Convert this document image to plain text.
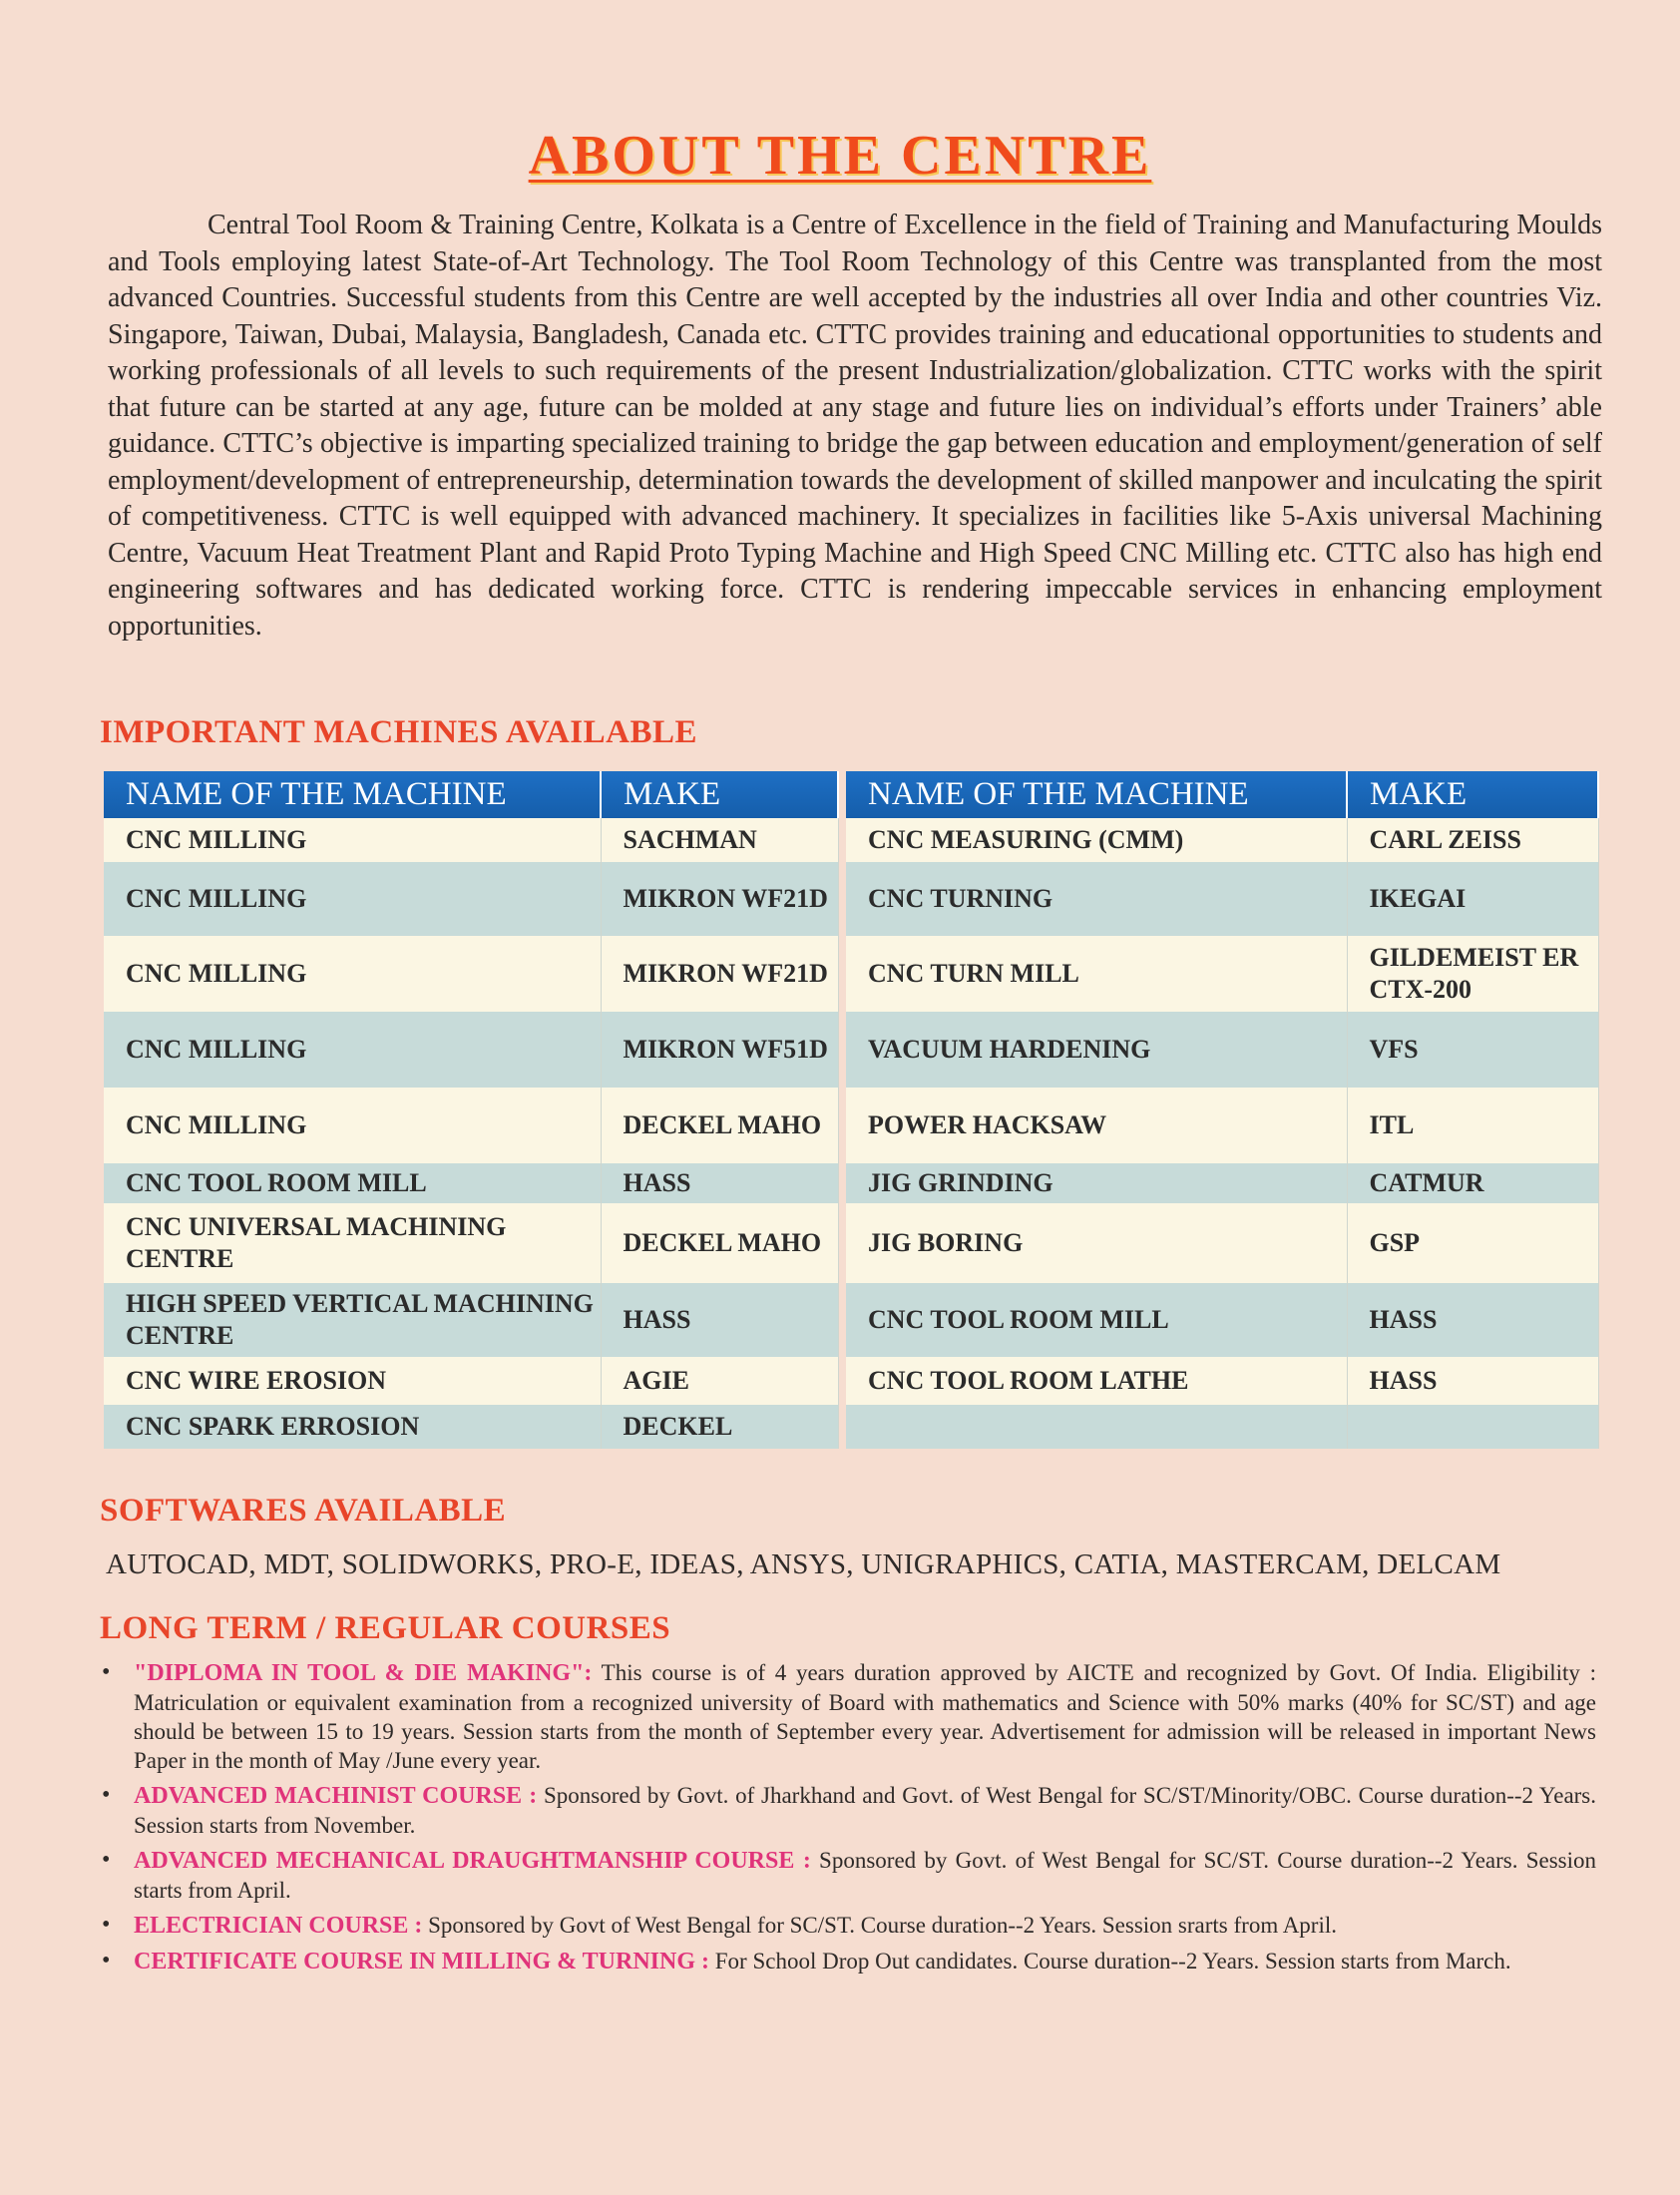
ABOUT THE CENTRE

Central Tool Room & Training Centre, Kolkata is a Centre of Excellence in the field of Training and Manufacturing Moulds and Tools employing latest State-of-Art Technology. The Tool Room Technology of this Centre was transplanted from the most advanced Countries. Successful students from this Centre are well accepted by the industries all over India and other countries Viz. Singapore, Taiwan, Dubai, Malaysia, Bangladesh, Canada etc. CTTC provides training and educational opportunities to students and working professionals of all levels to such requirements of the present Industrialization/globalization. CTTC works with the spirit that future can be started at any age, future can be molded at any stage and future lies on individual’s efforts under Trainers’ able guidance. CTTC’s objective is imparting specialized training to bridge the gap between education and employment/generation of self employment/development of entrepreneurship, determination towards the development of skilled manpower and inculcating the spirit of competitiveness. CTTC is well equipped with advanced machinery. It specializes in facilities like 5-Axis universal Machining Centre, Vacuum Heat Treatment Plant and Rapid Proto Typing Machine and High Speed CNC Milling etc. CTTC also has high end engineering softwares and has dedicated working force. CTTC is rendering impeccable services in enhancing employment opportunities.

IMPORTANT MACHINES AVAILABLE
NAME OF THE MACHINE	MAKE		NAME OF THE MACHINE	MAKE
CNC MILLING	SACHMAN		CNC MEASURING (CMM)	CARL ZEISS
CNC MILLING	MIKRON WF21D		CNC TURNING	IKEGAI
CNC MILLING	MIKRON WF21D		CNC TURN MILL	GILDEMEIST ER CTX-200
CNC MILLING	MIKRON WF51D		VACUUM HARDENING	VFS
CNC MILLING	DECKEL MAHO		POWER HACKSAW	ITL
CNC TOOL ROOM MILL	HASS		JIG GRINDING	CATMUR
CNC UNIVERSAL MACHINING CENTRE	DECKEL MAHO		JIG BORING	GSP
HIGH SPEED VERTICAL MACHINING CENTRE	HASS		CNC TOOL ROOM MILL	HASS
CNC WIRE EROSION	AGIE		CNC TOOL ROOM LATHE	HASS
CNC SPARK ERROSION	DECKEL			
SOFTWARES AVAILABLE

AUTOCAD, MDT, SOLIDWORKS, PRO-E, IDEAS, ANSYS, UNIGRAPHICS, CATIA, MASTERCAM, DELCAM

LONG TERM / REGULAR COURSES
• "DIPLOMA IN TOOL & DIE MAKING": This course is of 4 years duration approved by AICTE and recognized by Govt. Of India. Eligibility : Matriculation or equivalent examination from a recognized university of Board with mathematics and Science with 50% marks (40% for SC/ST) and age should be between 15 to 19 years. Session starts from the month of September every year. Advertisement for admission will be released in important News Paper in the month of May /June every year.
• ADVANCED MACHINIST COURSE : Sponsored by Govt. of Jharkhand and Govt. of West Bengal for SC/ST/Minority/OBC. Course duration--2 Years. Session starts from November.
• ADVANCED MECHANICAL DRAUGHTMANSHIP COURSE : Sponsored by Govt. of West Bengal for SC/ST. Course duration--2 Years. Session starts from April.
• ELECTRICIAN COURSE : Sponsored by Govt of West Bengal for SC/ST. Course duration--2 Years. Session srarts from April.
• CERTIFICATE COURSE IN MILLING & TURNING : For School Drop Out candidates. Course duration--2 Years. Session starts from March.
